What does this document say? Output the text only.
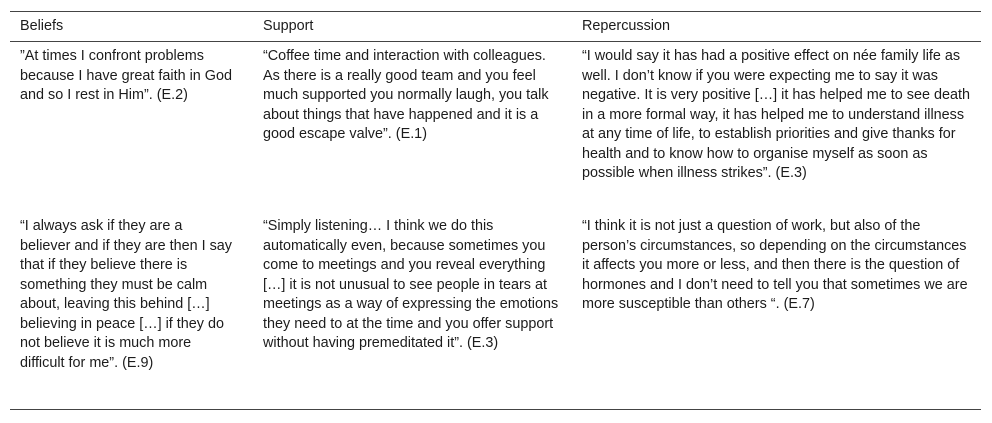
Beliefs	Support	Repercussion
”At times I confront problems because I have great faith in God and so I rest in Him”. (E.2)
“Coffee time and interaction with colleagues. As there is a really good team and you feel much supported you normally laugh, you talk about things that have happened and it is a good escape valve”. (E.1)
“I would say it has had a positive effect on née family life as well. I don’t know if you were expecting me to say it was negative. It is very positive […] it has helped me to see death in a more formal way, it has helped me to understand illness at any time of life, to establish priorities and give thanks for health and to know how to organise myself as soon as possible when illness strikes”. (E.3)
“I always ask if they are a believer and if they are then I say that if they believe there is something they must be calm about, leaving this behind […] believing in peace […] if they do not believe it is much more difficult for me”. (E.9)
“Simply listening… I think we do this automatically even, because sometimes you come to meetings and you reveal everything […] it is not unusual to see people in tears at meetings as a way of expressing the emotions they need to at the time and you offer support without having premeditated it”. (E.3)
“I think it is not just a question of work, but also of the person’s circumstances, so depending on the circumstances it affects you more or less, and then there is the question of hormones and I don’t need to tell you that sometimes we are more susceptible than others “. (E.7)
